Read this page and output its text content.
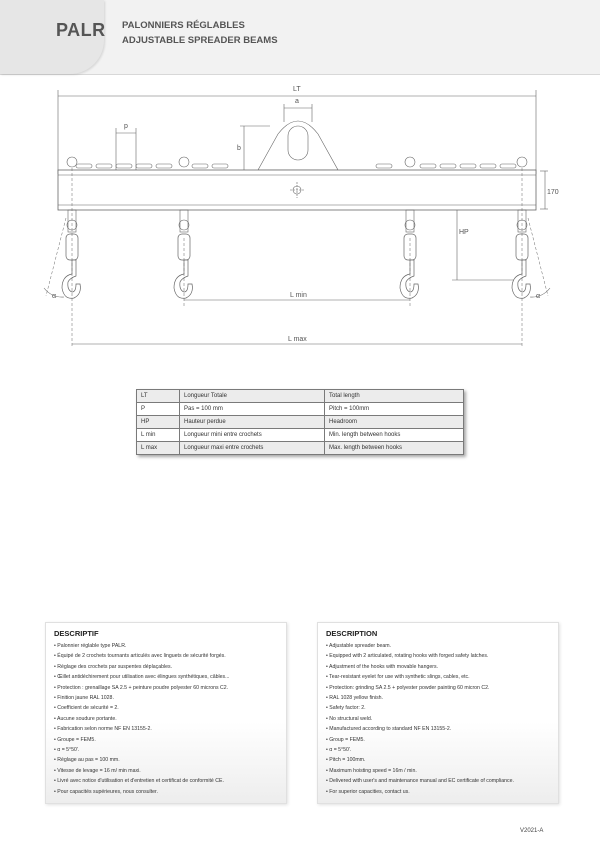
PALR PALONNIERS RÉGLABLES
ADJUSTABLE SPREADER BEAMS
LT
a
b
p
170
HP
L min
L max
α	α
LT	Longueur Totale	Total length
P	Pas = 100 mm	Pitch = 100mm
HP	Hauteur perdue	Headroom
L min	Longueur mini entre crochets	Min. length between hooks
L max	Longueur maxi entre crochets	Max. length between hooks
DESCRIPTIF
• Palonnier réglable type PALR.
• Équipé de 2 crochets tournants articulés avec linguets de sécurité forgés.
• Réglage des crochets par suspentes déplaçables.
• Œillet antidéchirement pour utilisation avec élingues synthétiques, câbles...
• Protection : grenaillage SA 2.5 + peinture poudre polyester 60 microns C2.
• Finition jaune RAL 1028.
• Coefficient de sécurité = 2.
• Aucune soudure portante.
• Fabrication selon norme NF EN 13155-2.
• Groupe = FEM5.
• α = 5°50'.
• Réglage au pas = 100 mm.
• Vitesse de levage = 16 m/ min maxi.
• Livré avec notice d'utilisation et d'entretien et certificat de conformité CE.
• Pour capacités supérieures, nous consulter.
DESCRIPTION
• Adjustable spreader beam.
• Equipped with 2 articulated, rotating hooks with forged safety latches.
• Adjustment of the hooks with movable hangers.
• Tear-resistant eyelet for use with synthetic slings, cables, etc.
• Protection: grinding SA 2.5 + polyester powder painting 60 micron C2.
• RAL 1028 yellow finish.
• Safety factor: 2.
• No structural weld.
• Manufactured according to standard NF EN 13155-2.
• Group = FEM5.
• α = 5°50'.
• Pitch = 100mm.
• Maximum hoisting speed = 16m / min.
• Delivered with user's and maintenance manual and EC certificate of compliance.
• For superior capacities, contact us.
V2021-A
